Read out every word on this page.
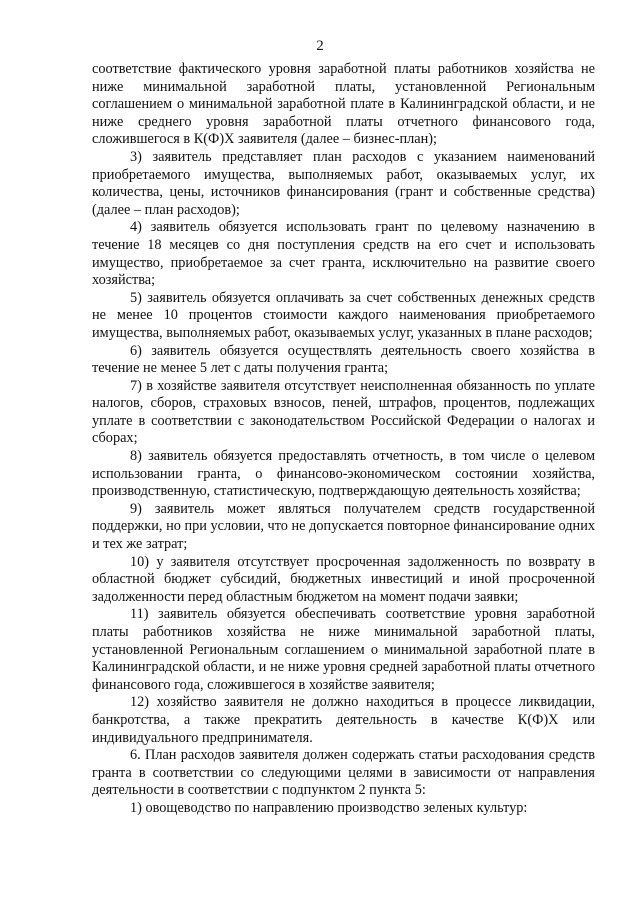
2

соответствие фактического уровня заработной платы работников хозяйства не ниже минимальной заработной платы, установленной Региональным соглашением о минимальной заработной плате в Калининградской области, и не ниже среднего уровня заработной платы отчетного финансового года, сложившегося в К(Ф)Х заявителя (далее – бизнес-план);

3) заявитель представляет план расходов с указанием наименований приобретаемого имущества, выполняемых работ, оказываемых услуг, их количества, цены, источников финансирования (грант и собственные средства) (далее – план расходов);

4) заявитель обязуется использовать грант по целевому назначению в течение 18 месяцев со дня поступления средств на его счет и использовать имущество, приобретаемое за счет гранта, исключительно на развитие своего хозяйства;

5) заявитель обязуется оплачивать за счет собственных денежных средств не менее 10 процентов стоимости каждого наименования приобретаемого имущества, выполняемых работ, оказываемых услуг, указанных в плане расходов;

6) заявитель обязуется осуществлять деятельность своего хозяйства в течение не менее 5 лет с даты получения гранта;

7) в хозяйстве заявителя отсутствует неисполненная обязанность по уплате налогов, сборов, страховых взносов, пеней, штрафов, процентов, подлежащих уплате в соответствии с законодательством Российской Федерации о налогах и сборах;

8) заявитель обязуется предоставлять отчетность, в том числе о целевом использовании гранта, о финансово-экономическом состоянии хозяйства, производственную, статистическую, подтверждающую деятельность хозяйства;

9) заявитель может являться получателем средств государственной поддержки, но при условии, что не допускается повторное финансирование одних и тех же затрат;

10) у заявителя отсутствует просроченная задолженность по возврату в областной бюджет субсидий, бюджетных инвестиций и иной просроченной задолженности перед областным бюджетом на момент подачи заявки;

11) заявитель обязуется обеспечивать соответствие уровня заработной платы работников хозяйства не ниже минимальной заработной платы, установленной Региональным соглашением о минимальной заработной плате в Калининградской области, и не ниже уровня средней заработной платы отчетного финансового года, сложившегося в хозяйстве заявителя;

12) хозяйство заявителя не должно находиться в процессе ликвидации, банкротства, а также прекратить деятельность в качестве К(Ф)Х или индивидуального предпринимателя.

6. План расходов заявителя должен содержать статьи расходования средств гранта в соответствии со следующими целями в зависимости от направления деятельности в соответствии с подпунктом 2 пункта 5:

1) овощеводство по направлению производство зеленых культур:
